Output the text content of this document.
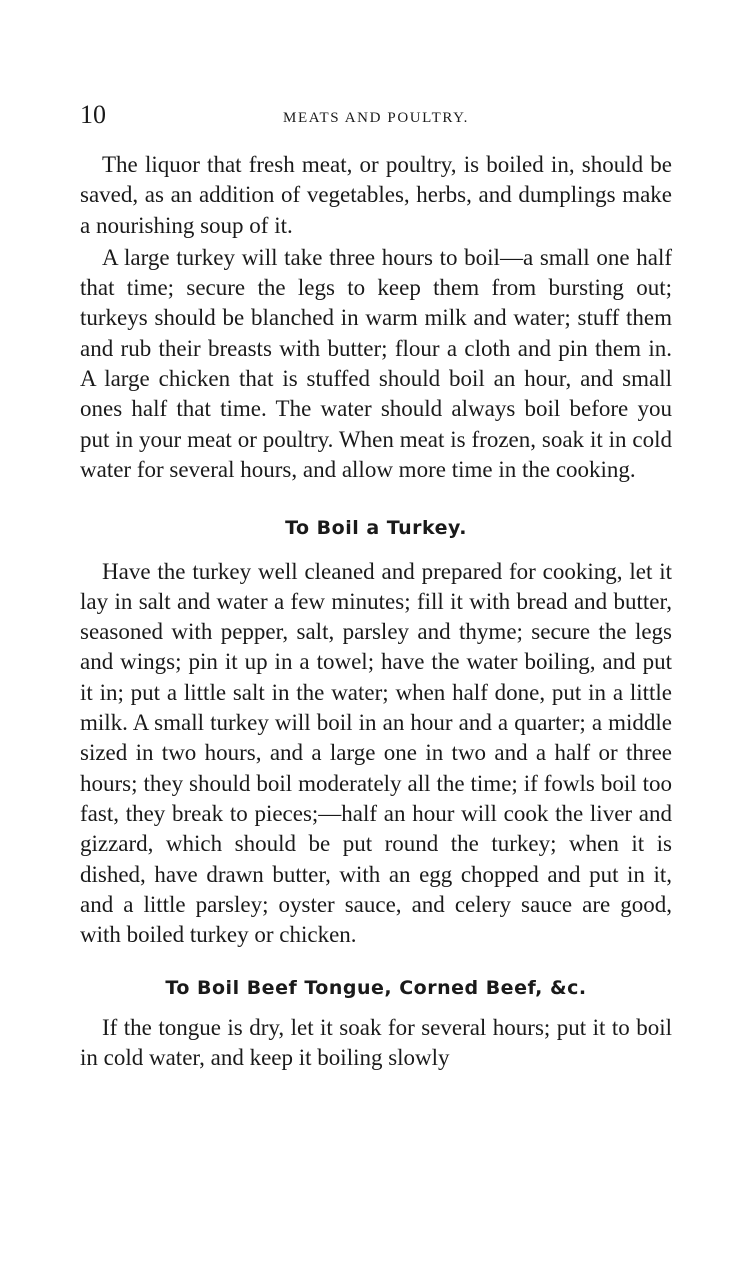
10	MEATS AND POULTRY.

The liquor that fresh meat, or poultry, is boiled in, should be saved, as an addition of vegetables, herbs, and dumplings make a nourishing soup of it.

A large turkey will take three hours to boil—a small one half that time; secure the legs to keep them from bursting out; turkeys should be blanched in warm milk and water; stuff them and rub their breasts with butter; flour a cloth and pin them in. A large chicken that is stuffed should boil an hour, and small ones half that time. The water should always boil before you put in your meat or poultry. When meat is frozen, soak it in cold water for several hours, and allow more time in the cooking.

To Boil a Turkey.

Have the turkey well cleaned and prepared for cooking, let it lay in salt and water a few minutes; fill it with bread and butter, seasoned with pepper, salt, parsley and thyme; secure the legs and wings; pin it up in a towel; have the water boiling, and put it in; put a little salt in the water; when half done, put in a little milk. A small turkey will boil in an hour and a quarter; a middle sized in two hours, and a large one in two and a half or three hours; they should boil moderately all the time; if fowls boil too fast, they break to pieces;—half an hour will cook the liver and gizzard, which should be put round the turkey; when it is dished, have drawn butter, with an egg chopped and put in it, and a little parsley; oyster sauce, and celery sauce are good, with boiled turkey or chicken.

To Boil Beef Tongue, Corned Beef, &c.

If the tongue is dry, let it soak for several hours; put it to boil in cold water, and keep it boiling slowly
